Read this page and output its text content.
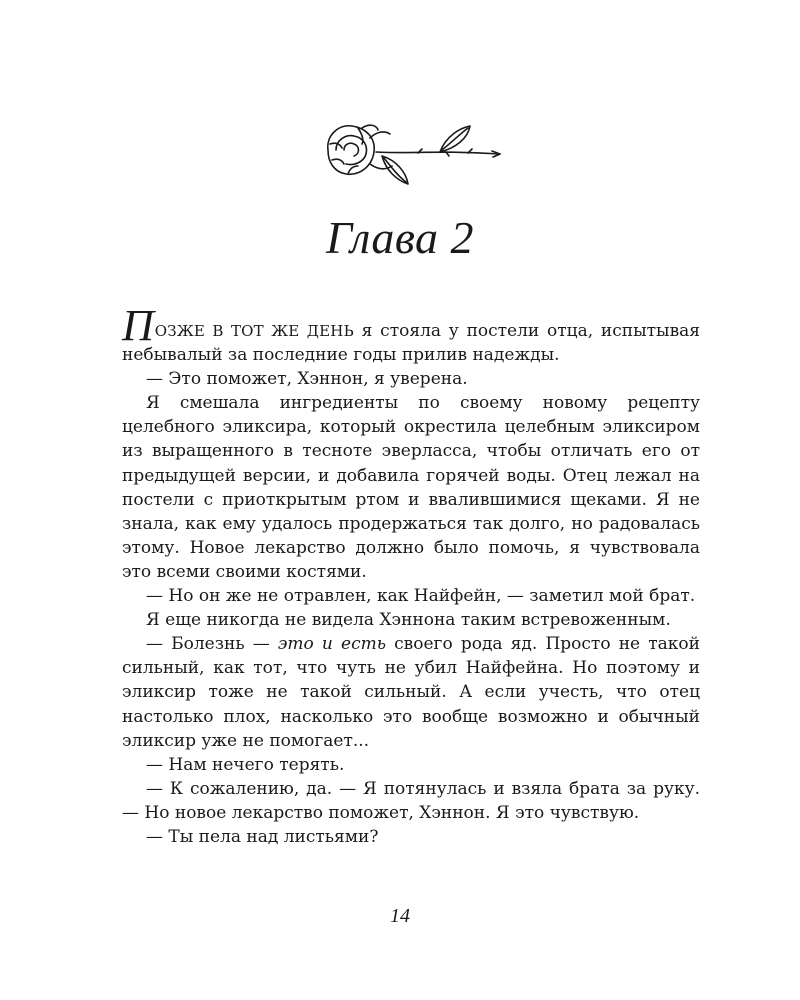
Глава 2

ПОЗЖЕ В ТОТ ЖЕ ДЕНЬ я стояла у постели отца, испытывая небывалый за последние годы прилив надежды.

— Это поможет, Хэннон, я уверена.

Я смешала ингредиенты по своему новому рецепту целебного эликсира, который окрестила целебным эликсиром из выращенного в тесноте эверласса, чтобы отличать его от предыдущей версии, и добавила горячей воды. Отец лежал на постели с приоткрытым ртом и ввалившимися щеками. Я не знала, как ему удалось продержаться так долго, но радовалась этому. Новое лекарство должно было помочь, я чувствовала это всеми своими костями.

— Но он же не отравлен, как Найфейн, — заметил мой брат.

Я еще никогда не видела Хэннона таким встревоженным.

— Болезнь — это и есть своего рода яд. Просто не такой сильный, как тот, что чуть не убил Найфейна. Но поэтому и эликсир тоже не такой сильный. А если учесть, что отец настолько плох, насколько это вообще возможно и обычный эликсир уже не помогает...

— Нам нечего терять.

— К сожалению, да. — Я потянулась и взяла брата за руку. — Но новое лекарство поможет, Хэннон. Я это чувствую.

— Ты пела над листьями?

14
